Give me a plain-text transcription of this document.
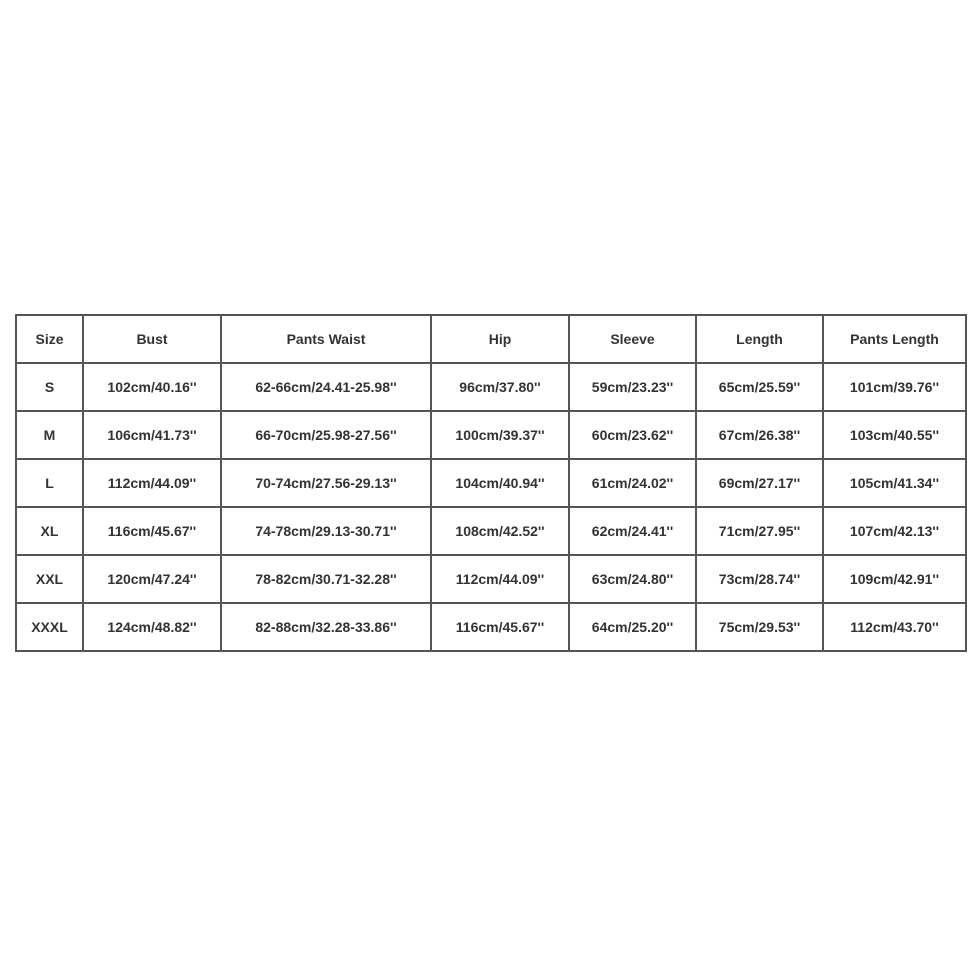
Size	Bust	Pants Waist	Hip	Sleeve	Length	Pants Length
S	102cm/40.16''	62-66cm/24.41-25.98''	96cm/37.80''	59cm/23.23''	65cm/25.59''	101cm/39.76''
M	106cm/41.73''	66-70cm/25.98-27.56''	100cm/39.37''	60cm/23.62''	67cm/26.38''	103cm/40.55''
L	112cm/44.09''	70-74cm/27.56-29.13''	104cm/40.94''	61cm/24.02''	69cm/27.17''	105cm/41.34''
XL	116cm/45.67''	74-78cm/29.13-30.71''	108cm/42.52''	62cm/24.41''	71cm/27.95''	107cm/42.13''
XXL	120cm/47.24''	78-82cm/30.71-32.28''	112cm/44.09''	63cm/24.80''	73cm/28.74''	109cm/42.91''
XXXL	124cm/48.82''	82-88cm/32.28-33.86''	116cm/45.67''	64cm/25.20''	75cm/29.53''	112cm/43.70''
